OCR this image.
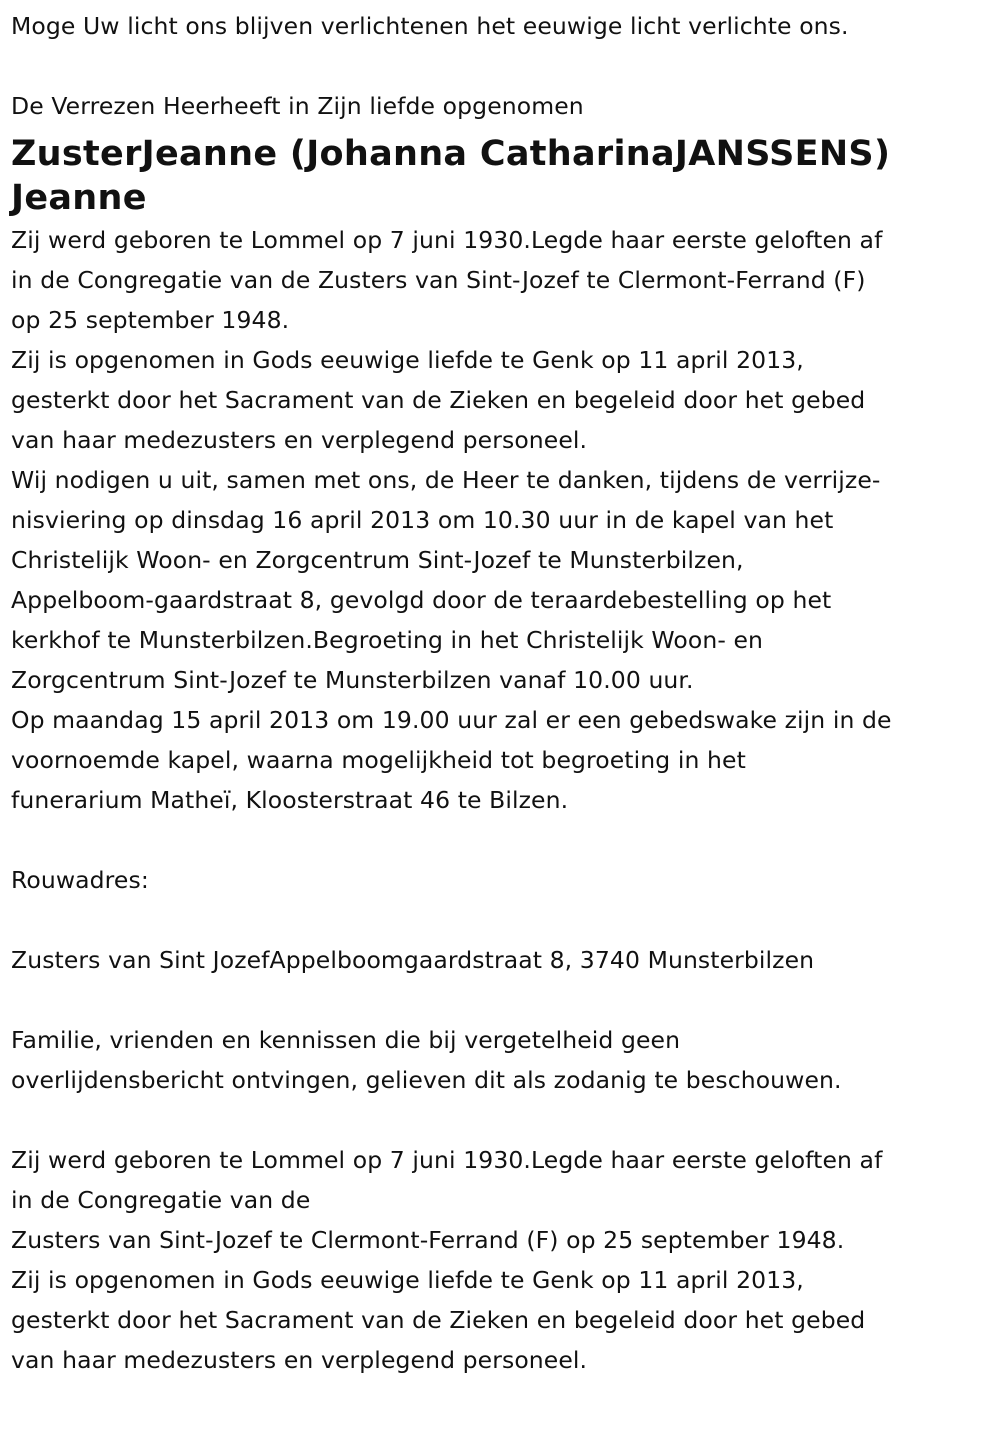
Moge Uw licht ons blijven verlichtenen het eeuwige licht verlichte ons.
De Verrezen Heerheeft in Zijn liefde opgenomen
ZusterJeanne (Johanna CatharinaJANSSENS)
Jeanne
Zij werd geboren te Lommel op 7 juni 1930.Legde haar eerste geloften af
in de Congregatie van de Zusters van Sint-Jozef te Clermont-Ferrand (F)
op 25 september 1948.
Zij is opgenomen in Gods eeuwige liefde te Genk op 11 april 2013,
gesterkt door het Sacrament van de Zieken en begeleid door het gebed
van haar medezusters en verplegend personeel.
Wij nodigen u uit, samen met ons, de Heer te danken, tijdens de verrijze-
nisviering op dinsdag 16 april 2013 om 10.30 uur in de kapel van het
Christelijk Woon- en Zorgcentrum Sint-Jozef te Munsterbilzen,
Appelboom-gaardstraat 8, gevolgd door de teraardebestelling op het
kerkhof te Munsterbilzen.Begroeting in het Christelijk Woon- en
Zorgcentrum Sint-Jozef te Munsterbilzen vanaf 10.00 uur.
Op maandag 15 april 2013 om 19.00 uur zal er een gebedswake zijn in de
voornoemde kapel, waarna mogelijkheid tot begroeting in het
funerarium Matheï, Kloosterstraat 46 te Bilzen.
Rouwadres:
Zusters van Sint JozefAppelboomgaardstraat 8, 3740 Munsterbilzen
Familie, vrienden en kennissen die bij vergetelheid geen
overlijdensbericht ontvingen, gelieven dit als zodanig te beschouwen.
Zij werd geboren te Lommel op 7 juni 1930.Legde haar eerste geloften af
in de Congregatie van de
Zusters van Sint-Jozef te Clermont-Ferrand (F) op 25 september 1948.
Zij is opgenomen in Gods eeuwige liefde te Genk op 11 april 2013,
gesterkt door het Sacrament van de Zieken en begeleid door het gebed
van haar medezusters en verplegend personeel.
